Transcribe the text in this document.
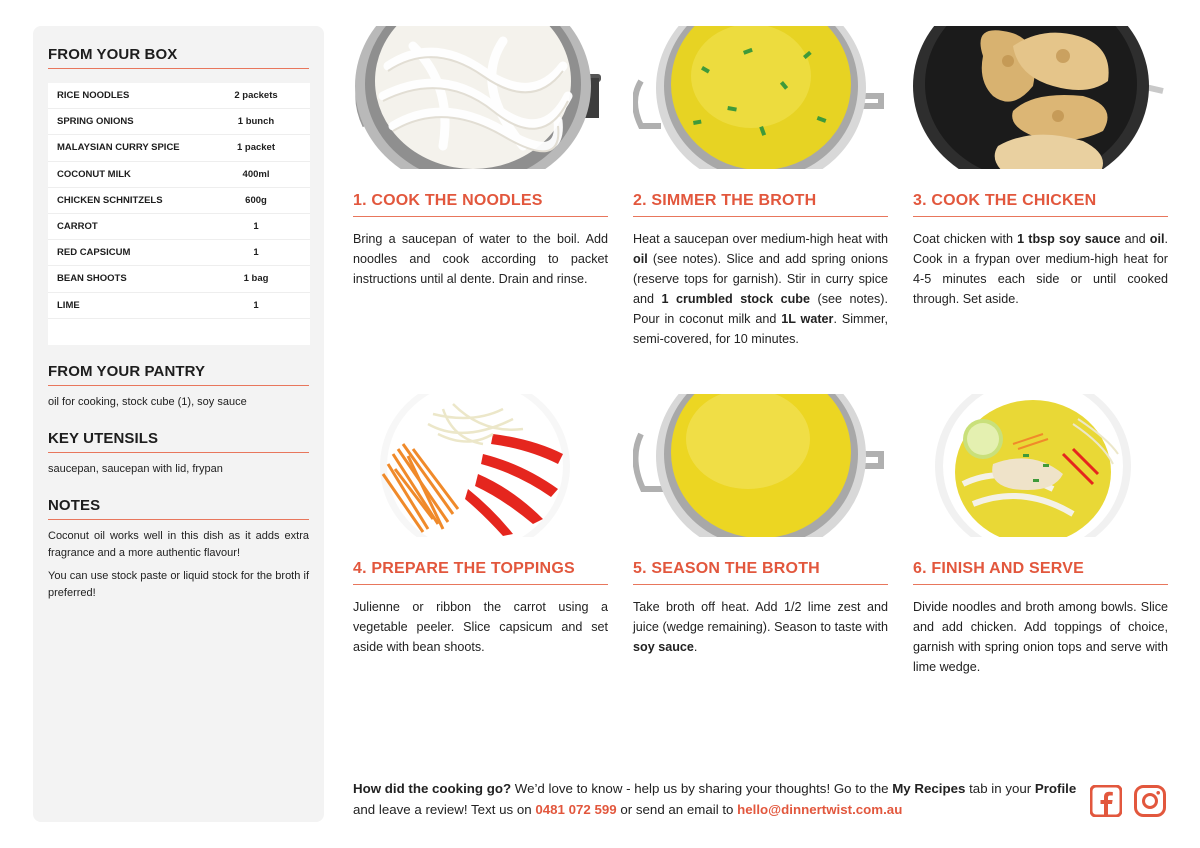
FROM YOUR BOX
RICE NOODLES	2 packets
SPRING ONIONS	1 bunch
MALAYSIAN CURRY SPICE	1 packet
COCONUT MILK	400ml
CHICKEN SCHNITZELS	600g
CARROT	1
RED CAPSICUM	1
BEAN SHOOTS	1 bag
LIME	1
FROM YOUR PANTRY
oil for cooking, stock cube (1), soy sauce
KEY UTENSILS
saucepan, saucepan with lid, frypan
NOTES
Coconut oil works well in this dish as it adds extra fragrance and a more authentic flavour!
You can use stock paste or liquid stock for the broth if preferred!
1. COOK THE NOODLES
Bring a saucepan of water to the boil. Add noodles and cook according to packet instructions until al dente. Drain and rinse.
2. SIMMER THE BROTH
Heat a saucepan over medium-high heat with oil (see notes). Slice and add spring onions (reserve tops for garnish). Stir in curry spice and 1 crumbled stock cube (see notes). Pour in coconut milk and 1L water. Simmer, semi-covered, for 10 minutes.
3. COOK THE CHICKEN
Coat chicken with 1 tbsp soy sauce and oil. Cook in a frypan over medium-high heat for 4-5 minutes each side or until cooked through. Set aside.
4. PREPARE THE TOPPINGS
Julienne or ribbon the carrot using a vegetable peeler. Slice capsicum and set aside with bean shoots.
5. SEASON THE BROTH
Take broth off heat. Add 1/2 lime zest and juice (wedge remaining). Season to taste with soy sauce.
6. FINISH AND SERVE
Divide noodles and broth among bowls. Slice and add chicken. Add toppings of choice, garnish with spring onion tops and serve with lime wedge.
How did the cooking go? We’d love to know - help us by sharing your thoughts! Go to the My Recipes tab in your Profile and leave a review! Text us on 0481 072 599 or send an email to hello@dinnertwist.com.au
